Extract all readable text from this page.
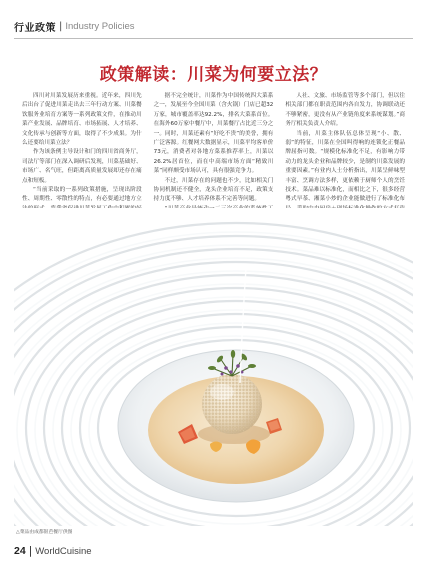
行业政策 | Industry Policies
政策解读：川菜为何要立法？

四川对川菜发展历来重视。近年来，四川先后出台了促进川菜走出去三年行动方案、川菜餐饮服务业培育方案等一系列政策文件，在推动川菜产业发展、品牌培育、市场拓展、人才培养、文化传承与创新等方面，取得了不少成果。为什么还要给川菜立法？

作为该条例主导设计和门的四川省商务厅，司法厅等部门在深入调研后发现，川菜基础好、市场广、名气旺，但距离高质量发展却还存在痛点和短板。

“当前采取的一系列政策措施，呈现出阶段性、周期性、零散性的特点，有必要通过地方立

据不完全统计，川菜作为中国传统四大菜系之一，发展至今全国川菜（含火锅）门店已超32万家，城市覆盖率达92.2%，排名大菜系首位。在海外60万家中餐厅中，川菜餐厅占比近三分之一。同时，川菜还素有“好吃不贵”的美誉，拥有广泛客源。红餐网大数据显示，川菜平均客单价73元，消费者对各地方菜系推荐率上，川菜以26.2%居首位，而在中高端市场方面“精致川菜”同样颇受市场认可，具有很强竞争力。

不过，川菜存在的问题也不少，比如相关门协同机制还不健全，龙头企业培育不足，政策支持力度不够、人才培养体系不完善等问题。

人社、文旅、市场监管等多个部门，但以往相关部门都在职责范围内各自发力，协调联动还不够紧密，更没有从产业链角度来系统谋划。”商务厅相关负责人介绍。

当前，川菜主体队伍总体呈现“小、散、弱”的特征，川菜在全国叫得响的连锁化正餐品牌屈指可数。“规模化标准化不足，有影响力带动力的龙头企业和品牌较少，是制约川菜发展的重要因素。”有业内人士分析指出，川菜呈鲜味型丰富、烹调方法多样，更依赖于厨师个人的烹饪技术。菜品难以标准化，而相比之下，很多经营粤式早茶、湘菜小炒的企业能做进行了标准化布

△菜品由成都银芭餐厅供图
24 | WorldCuisine
